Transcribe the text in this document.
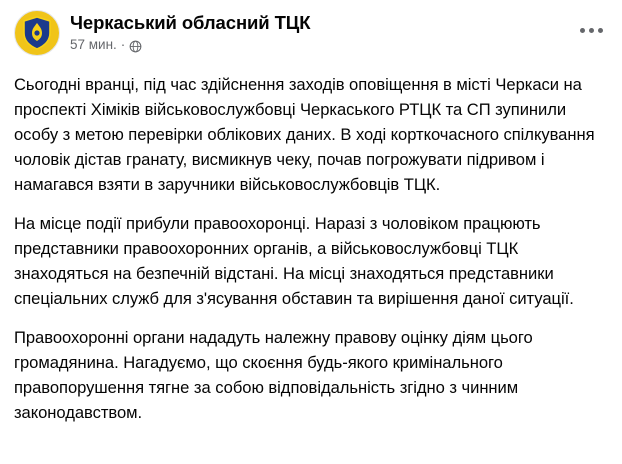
Черкаський обласний ТЦК
57 мин. ·

Сьогодні вранці, під час здійснення заходів оповіщення в місті Черкаси на проспекті Хіміків військовослужбовці Черкаського РТЦК та СП зупинили особу з метою перевірки облікових даних. В ході корткочасного спілкування чоловік дістав гранату, висмикнув чеку, почав погрожувати підривом і намагався взяти в заручники військовослужбовців ТЦК.

На місце події прибули правоохоронці. Наразі з чоловіком працюють представники правоохоронних органів, а військовослужбовці ТЦК знаходяться на безпечній відстані. На місці знаходяться представники спеціальних служб для з'ясування обставин та вирішення даної ситуації.

Правоохоронні органи нададуть належну правову оцінку діям цього громадянина. Нагадуємо, що скоєння будь-якого кримінального правопорушення тягне за собою відповідальність згідно з чинним законодавством.
